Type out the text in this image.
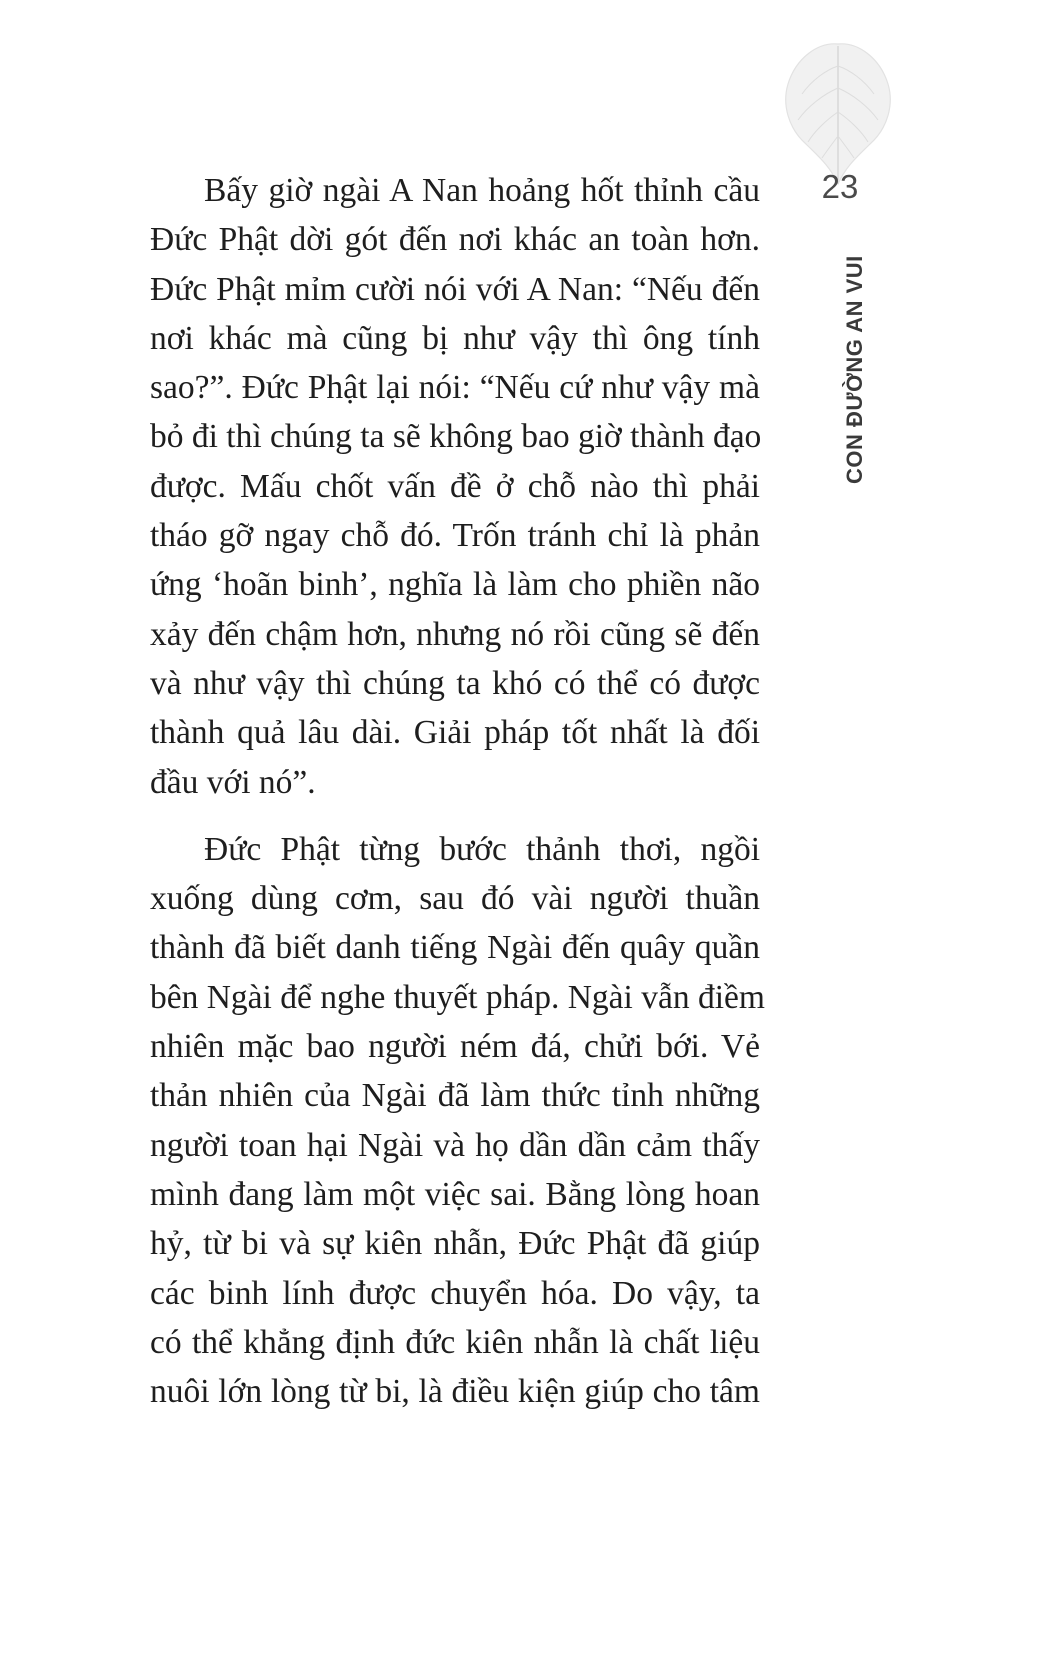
23
CON ĐƯỜNG AN VUI
Bấy giờ ngài A Nan hoảng hốt thỉnh cầu
Đức Phật dời gót đến nơi khác an toàn hơn.
Đức Phật mỉm cười nói với A Nan: “Nếu đến
nơi khác mà cũng bị như vậy thì ông tính
sao?”. Đức Phật lại nói: “Nếu cứ như vậy mà
bỏ đi thì chúng ta sẽ không bao giờ thành đạo
được. Mấu chốt vấn đề ở chỗ nào thì phải
tháo gỡ ngay chỗ đó. Trốn tránh chỉ là phản
ứng ‘hoãn binh’, nghĩa là làm cho phiền não
xảy đến chậm hơn, nhưng nó rồi cũng sẽ đến
và như vậy thì chúng ta khó có thể có được
thành quả lâu dài. Giải pháp tốt nhất là đối
đầu với nó”.
Đức Phật từng bước thảnh thơi, ngồi
xuống dùng cơm, sau đó vài người thuần
thành đã biết danh tiếng Ngài đến quây quần
bên Ngài để nghe thuyết pháp. Ngài vẫn điềm
nhiên mặc bao người ném đá, chửi bới. Vẻ
thản nhiên của Ngài đã làm thức tỉnh những
người toan hại Ngài và họ dần dần cảm thấy
mình đang làm một việc sai. Bằng lòng hoan
hỷ, từ bi và sự kiên nhẫn, Đức Phật đã giúp
các binh lính được chuyển hóa. Do vậy, ta
có thể khẳng định đức kiên nhẫn là chất liệu
nuôi lớn lòng từ bi, là điều kiện giúp cho tâm
